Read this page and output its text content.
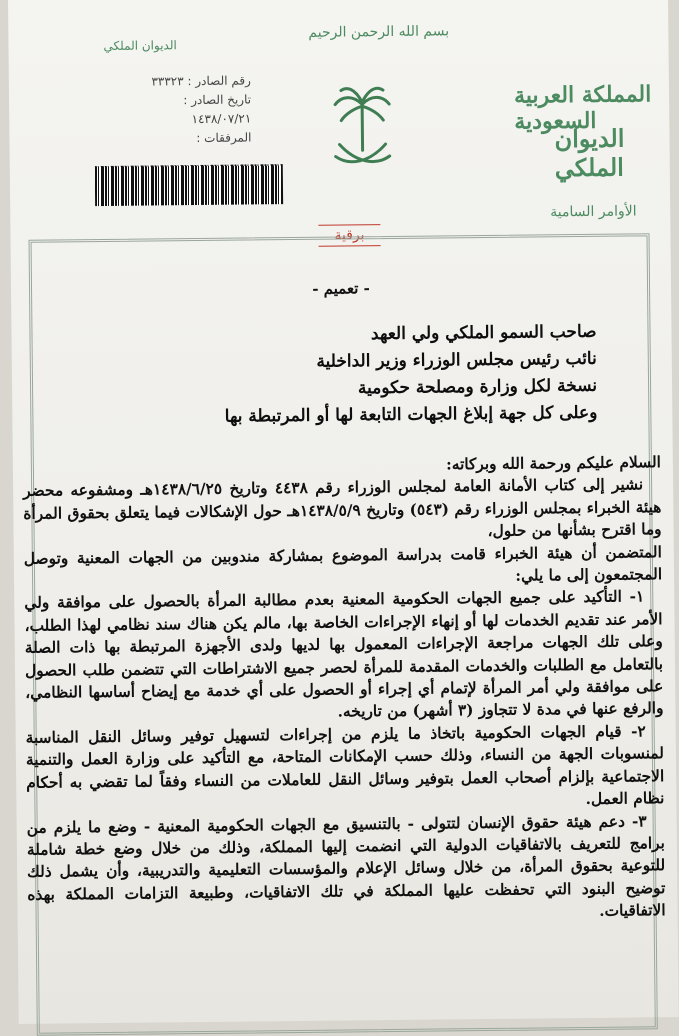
بسم الله الرحمن الرحيم
الديوان الملكي
رقم الصادر : ٣٣٣٢٣
تاريخ الصادر : ١٤٣٨/٠٧/٢١
المرفقات :
المملكة العربية السعودية
الديوان الملكي
الأوامر السامية
برقية
- تعميم -
صاحب السمو الملكي ولي العهد
نائب رئيس مجلس الوزراء وزير الداخلية
نسخة لكل وزارة ومصلحة حكومية
وعلى كل جهة إبلاغ الجهات التابعة لها أو المرتبطة بها

السلام عليكم ورحمة الله وبركاته:

نشير إلى كتاب الأمانة العامة لمجلس الوزراء رقم ٤٤٣٨ وتاريخ ١٤٣٨/٦/٢٥هـ ومشفوعه محضر هيئة الخبراء بمجلس الوزراء رقم (٥٤٣) وتاريخ ١٤٣٨/٥/٩هـ حول الإشكالات فيما يتعلق بحقوق المرأة وما اقترح بشأنها من حلول،

المتضمن أن هيئة الخبراء قامت بدراسة الموضوع بمشاركة مندوبين من الجهات المعنية وتوصل المجتمعون إلى ما يلي:

١- التأكيد على جميع الجهات الحكومية المعنية بعدم مطالبة المرأة بالحصول على موافقة ولي الأمر عند تقديم الخدمات لها أو إنهاء الإجراءات الخاصة بها، مالم يكن هناك سند نظامي لهذا الطلب، وعلى تلك الجهات مراجعة الإجراءات المعمول بها لديها ولدى الأجهزة المرتبطة بها ذات الصلة بالتعامل مع الطلبات والخدمات المقدمة للمرأة لحصر جميع الاشتراطات التي تتضمن طلب الحصول على موافقة ولي أمر المرأة لإتمام أي إجراء أو الحصول على أي خدمة مع إيضاح أساسها النظامي، والرفع عنها في مدة لا تتجاوز (٣ أشهر) من تاريخه.

٢- قيام الجهات الحكومية باتخاذ ما يلزم من إجراءات لتسهيل توفير وسائل النقل المناسبة لمنسوبات الجهة من النساء، وذلك حسب الإمكانات المتاحة، مع التأكيد على وزارة العمل والتنمية الاجتماعية بإلزام أصحاب العمل بتوفير وسائل النقل للعاملات من النساء وفقاً لما تقضي به أحكام نظام العمل.

٣- دعم هيئة حقوق الإنسان لتتولى - بالتنسيق مع الجهات الحكومية المعنية - وضع ما يلزم من برامج للتعريف بالاتفاقيات الدولية التي انضمت إليها المملكة، وذلك من خلال وضع خطة شاملة للتوعية بحقوق المرأة، من خلال وسائل الإعلام والمؤسسات التعليمية والتدريبية، وأن يشمل ذلك توضيح البنود التي تحفظت عليها المملكة في تلك الاتفاقيات، وطبيعة التزامات المملكة بهذه الاتفاقيات.
